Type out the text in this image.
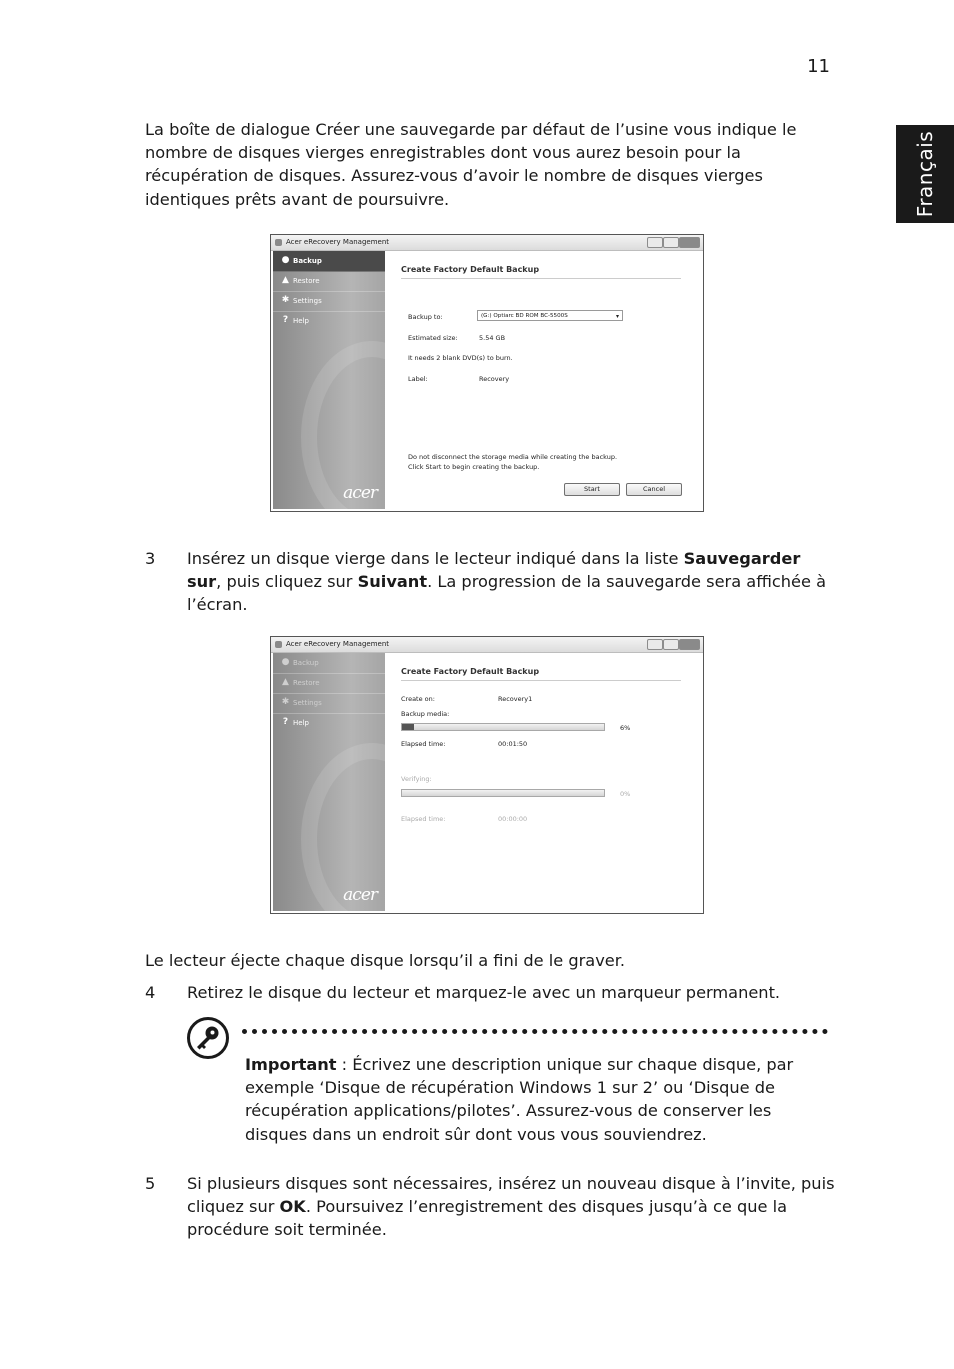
11
Français
La boîte de dialogue Créer une sauvegarde par défaut de l’usine vous indique le nombre de disques vierges enregistrables dont vous aurez besoin pour la récupération de disques. Assurez-vous d’avoir le nombre de disques vierges identiques prêts avant de poursuivre.
Acer eRecovery Management
● Backup
▲ Restore
✱ Settings
? Help
acer
Create Factory Default Backup
Backup to:	(G:) Optiarc BD ROM BC-5500S	▾
Estimated size:	5.54 GB
It needs 2 blank DVD(s) to burn.
Label:	Recovery
Do not disconnect the storage media while creating the backup.
Click Start to begin creating the backup.
Start	Cancel
3 Insérez un disque vierge dans le lecteur indiqué dans la liste Sauvegarder sur, puis cliquez sur Suivant. La progression de la sauvegarde sera affichée à l’écran.
Acer eRecovery Management
● Backup
▲ Restore
✱ Settings
? Help
acer
Create Factory Default Backup
Create on:	Recovery1
Backup media:
6%
Elapsed time:	00:01:50
Verifying:
0%
Elapsed time:	00:00:00
Le lecteur éjecte chaque disque lorsqu’il a fini de le graver.
4 Retirez le disque du lecteur et marquez-le avec un marqueur permanent.
Important : Écrivez une description unique sur chaque disque, par exemple ‘Disque de récupération Windows 1 sur 2’ ou ‘Disque de récupération applications/pilotes’. Assurez-vous de conserver les disques dans un endroit sûr dont vous vous souviendrez.
5 Si plusieurs disques sont nécessaires, insérez un nouveau disque à l’invite, puis cliquez sur OK. Poursuivez l’enregistrement des disques jusqu’à ce que la procédure soit terminée.
